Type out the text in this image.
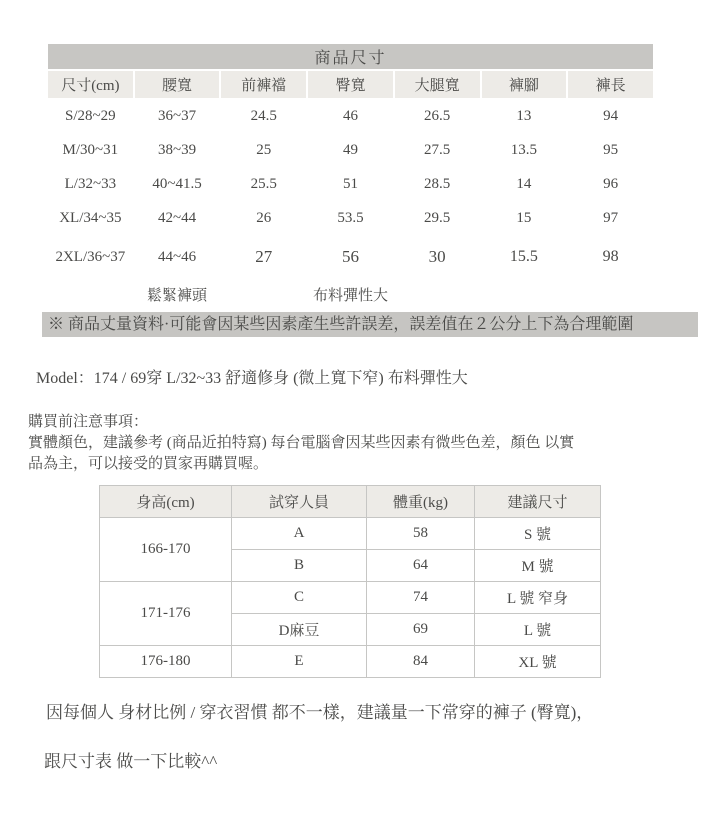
商品尺寸						
尺寸(cm)	腰寬	前褲襠	臀寬	大腿寬	褲腳	褲長
S/28~29	36~37	24.5	46	26.5	13	94
M/30~31	38~39	25	49	27.5	13.5	95
L/32~33	40~41.5	25.5	51	28.5	14	96
XL/34~35	42~44	26	53.5	29.5	15	97
2XL/36~37	44~46	27	56	30	15.5	98
	鬆緊褲頭		布料彈性大			
※ 商品丈量資料·可能會因某些因素產生些許誤差，誤差值在２公分上下為合理範圍
Model：174 / 69穿 L/32~33 舒適修身 (微上寬下窄) 布料彈性大
購買前注意事項：
實體顏色，建議參考 (商品近拍特寫) 每台電腦會因某些因素有微些色差，顏色 以實
品為主，可以接受的買家再購買喔。
身高(cm)	試穿人員	體重(kg)	建議尺寸
166-170	A	58	S 號
	B	64	M 號
171-176	C	74	L 號 窄身
	D麻豆	69	L 號
176-180	E	84	XL 號
因每個人 身材比例 / 穿衣習慣 都不一樣，建議量一下常穿的褲子 (臀寬)，
跟尺寸表 做一下比較^^
